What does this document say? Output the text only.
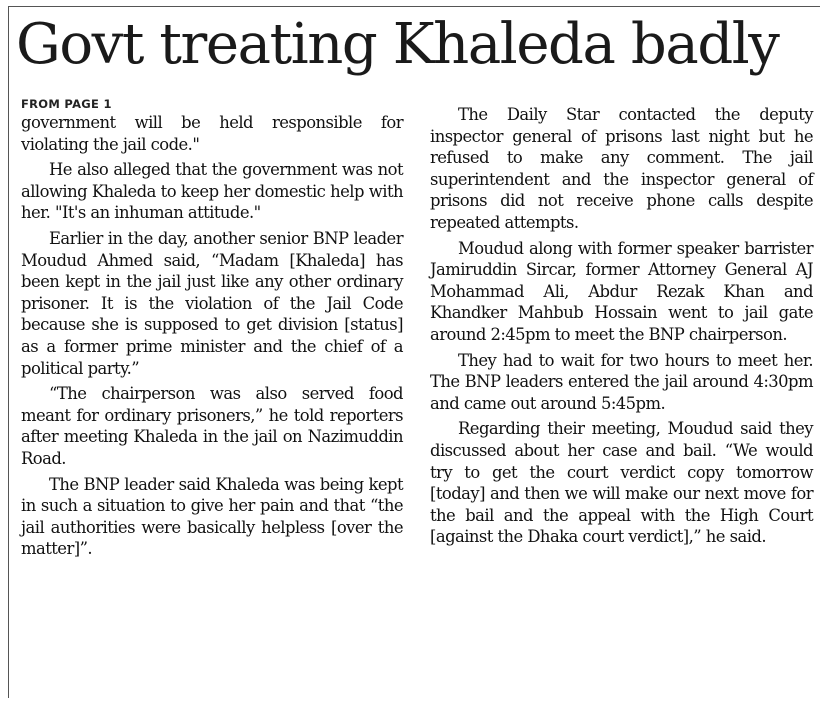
Govt treating Khaleda badly
FROM PAGE 1

government will be held responsible for violating the jail code."

He also alleged that the government was not allowing Khaleda to keep her domestic help with her. "It's an inhuman attitude."

Earlier in the day, another senior BNP leader Moudud Ahmed said, “Madam [Khaleda] has been kept in the jail just like any other ordinary prisoner. It is the violation of the Jail Code because she is supposed to get division [status] as a former prime minister and the chief of a political party.”

“The chairperson was also served food meant for ordinary prisoners,” he told reporters after meeting Khaleda in the jail on Nazimuddin Road.

The BNP leader said Khaleda was being kept in such a situation to give her pain and that “the jail authorities were basically helpless [over the matter]”.

The Daily Star contacted the deputy inspector general of prisons last night but he refused to make any comment. The jail superintendent and the inspector general of prisons did not receive phone calls despite repeated attempts.

Moudud along with former speaker barrister Jamiruddin Sircar, former Attorney General AJ Mohammad Ali, Abdur Rezak Khan and Khandker Mahbub Hossain went to jail gate around 2:45pm to meet the BNP chairperson.

They had to wait for two hours to meet her. The BNP leaders entered the jail around 4:30pm and came out around 5:45pm.

Regarding their meeting, Moudud said they discussed about her case and bail. “We would try to get the court verdict copy tomorrow [today] and then we will make our next move for the bail and the appeal with the High Court [against the Dhaka court verdict],” he said.
